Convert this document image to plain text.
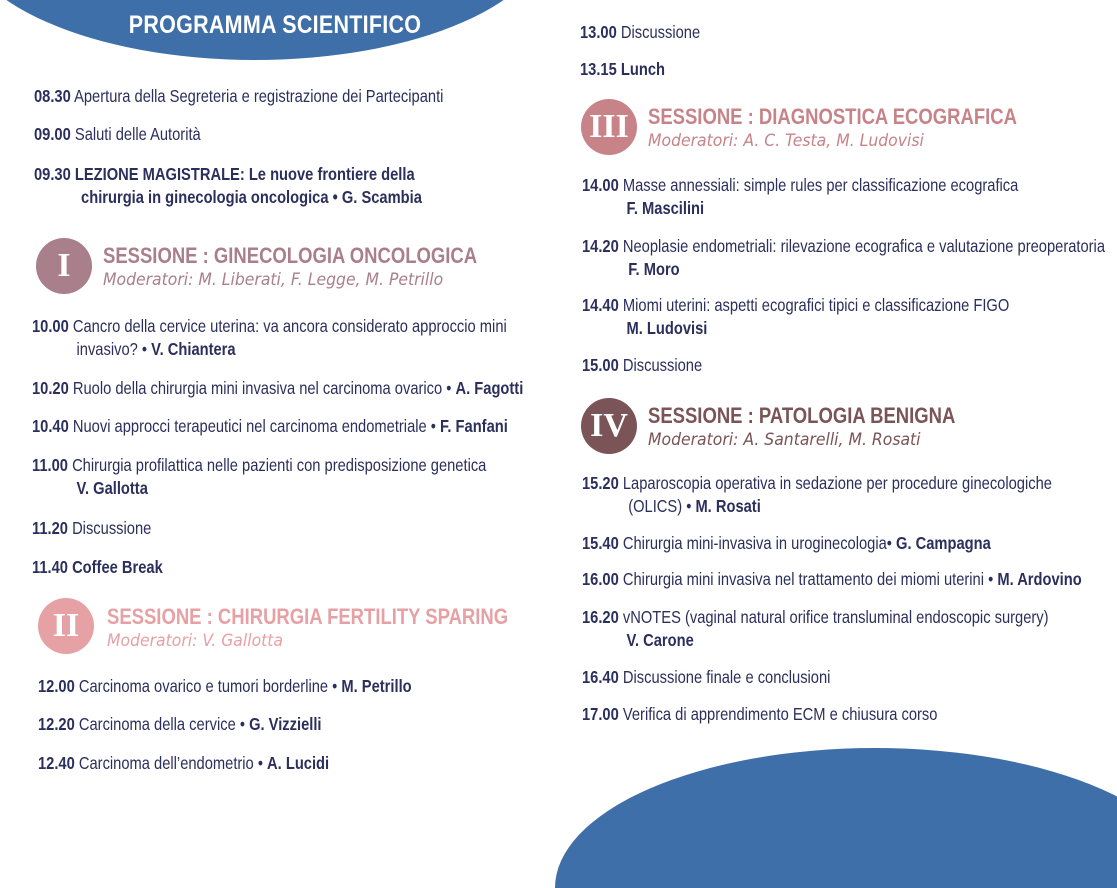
PROGRAMMA SCIENTIFICO
08.30 Apertura della Segreteria e registrazione dei Partecipanti
09.00 Saluti delle Autorità
09.30 LEZIONE MAGISTRALE: Le nuove frontiere della
chirurgia in ginecologia oncologica • G. Scambia
I	SESSIONE : GINECOLOGIA ONCOLOGICA
Moderatori: M. Liberati, F. Legge, M. Petrillo
10.00 Cancro della cervice uterina: va ancora considerato approccio mini
invasivo? • V. Chiantera
10.20 Ruolo della chirurgia mini invasiva nel carcinoma ovarico • A. Fagotti
10.40 Nuovi approcci terapeutici nel carcinoma endometriale • F. Fanfani
11.00 Chirurgia profilattica nelle pazienti con predisposizione genetica
V. Gallotta
11.20 Discussione
11.40 Coffee Break
II	SESSIONE : CHIRURGIA FERTILITY SPARING
Moderatori: V. Gallotta
12.00 Carcinoma ovarico e tumori borderline • M. Petrillo
12.20 Carcinoma della cervice • G. Vizzielli
12.40 Carcinoma dell’endometrio • A. Lucidi
13.00 Discussione
13.15 Lunch
III SESSIONE : DIAGNOSTICA ECOGRAFICA
Moderatori: A. C. Testa, M. Ludovisi
14.00 Masse annessiali: simple rules per classificazione ecografica
F. Mascilini
14.20 Neoplasie endometriali: rilevazione ecografica e valutazione preoperatoria
F. Moro
14.40 Miomi uterini: aspetti ecografici tipici e classificazione FIGO
M. Ludovisi
15.00 Discussione
IV SESSIONE : PATOLOGIA BENIGNA
Moderatori: A. Santarelli, M. Rosati
15.20 Laparoscopia operativa in sedazione per procedure ginecologiche
(OLICS) • M. Rosati
15.40 Chirurgia mini-invasiva in uroginecologia• G. Campagna
16.00 Chirurgia mini invasiva nel trattamento dei miomi uterini • M. Ardovino
16.20 vNOTES (vaginal natural orifice transluminal endoscopic surgery)
V. Carone
16.40 Discussione finale e conclusioni
17.00 Verifica di apprendimento ECM e chiusura corso
